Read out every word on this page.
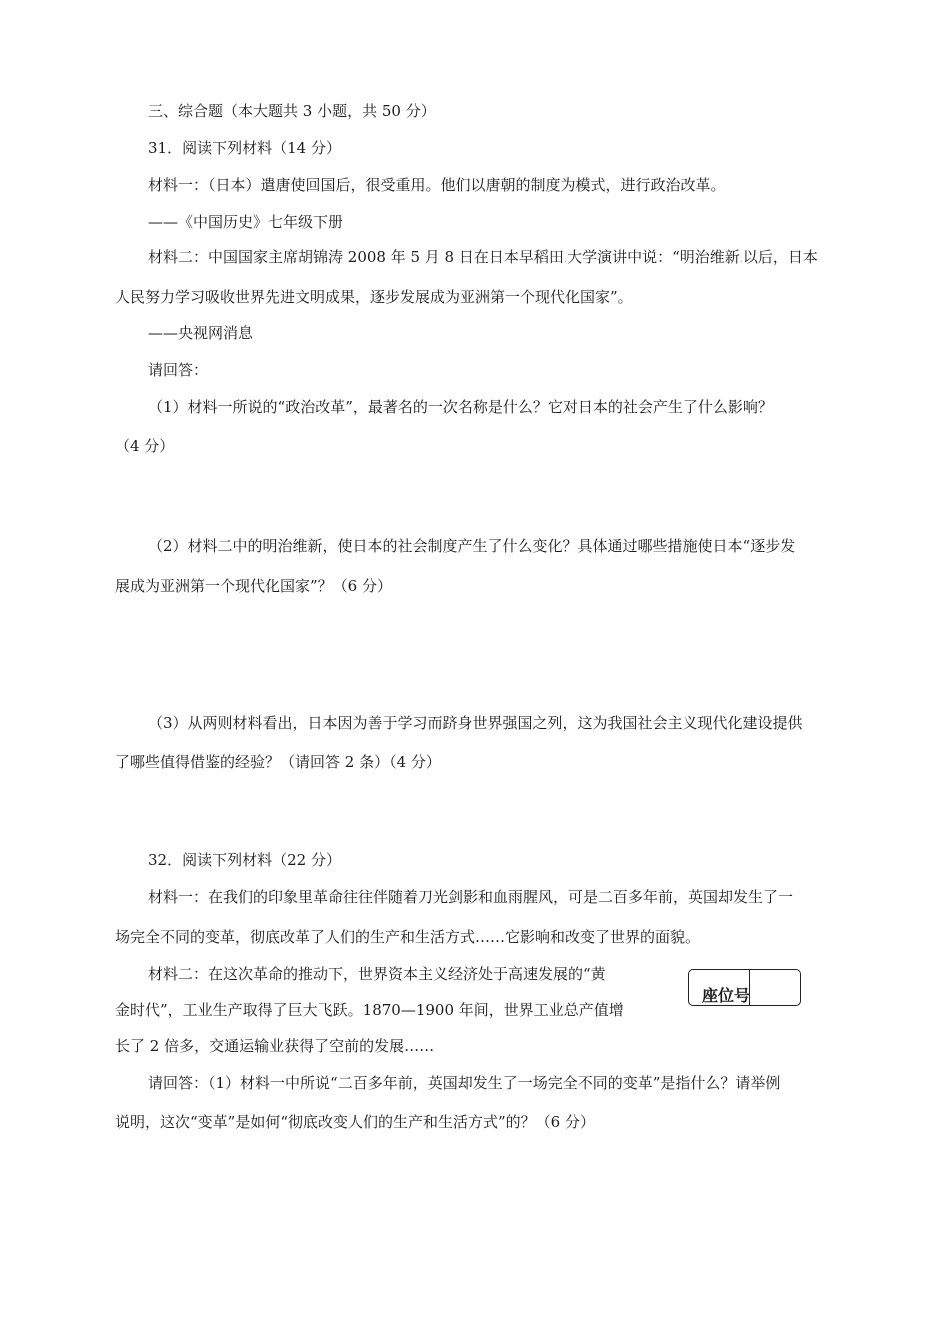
三、综合题（本大题共 3 小题，共 50 分）
31．阅读下列材料（14 分）
材料一：（日本）遣唐使回国后，很受重用。他们以唐朝的制度为模式，进行政治改革。
——《中国历史》七年级下册
材料二：中国国家主席胡锦涛 2008 年 5 月 8 日在日本早稻田.大学演讲中说：“明治维新.以后，日本
人民努力学习吸收世界先进文明成果，逐步发展成为亚洲第一个现代化国家”。
——央视网消息
请回答：
（1）材料一所说的“政治改革”，最著名的一次名称是什么？它对日本的社会产生了什么影响？
（4 分）
（2）材料二中的明治维新，使日本的社会制度产生了什么变化？具体通过哪些措施使日本“逐步发
展成为亚洲第一个现代化国家”？（6 分）
（3）从两则材料看出，日本因为善于学习而跻身世界强国之列，这为我国社会主义现代化建设提供
了哪些值得借鉴的经验？（请回答 2 条）（4 分）
32．阅读下列材料（22 分）
材料一：在我们的印象里革命往往伴随着刀光剑影和血雨腥风，可是二百多年前，英国却发生了一
场完全不同的变革，彻底改革了人们的生产和生活方式……它影响和改变了世界的面貌。
材料二：在这次革命的推动下，世界资本主义经济处于高速发展的“黄
金时代”，工业生产取得了巨大飞跃。1870—1900 年间，世界工业总产值增
长了 2 倍多，交通运输业获得了空前的发展……
请回答：（1）材料一中所说“二百多年前，英国却发生了一场完全不同的变革”是指什么？请举例
说明，这次“变革”是如何“彻底改变人们的生产和生活方式”的？（6 分）
座位号
